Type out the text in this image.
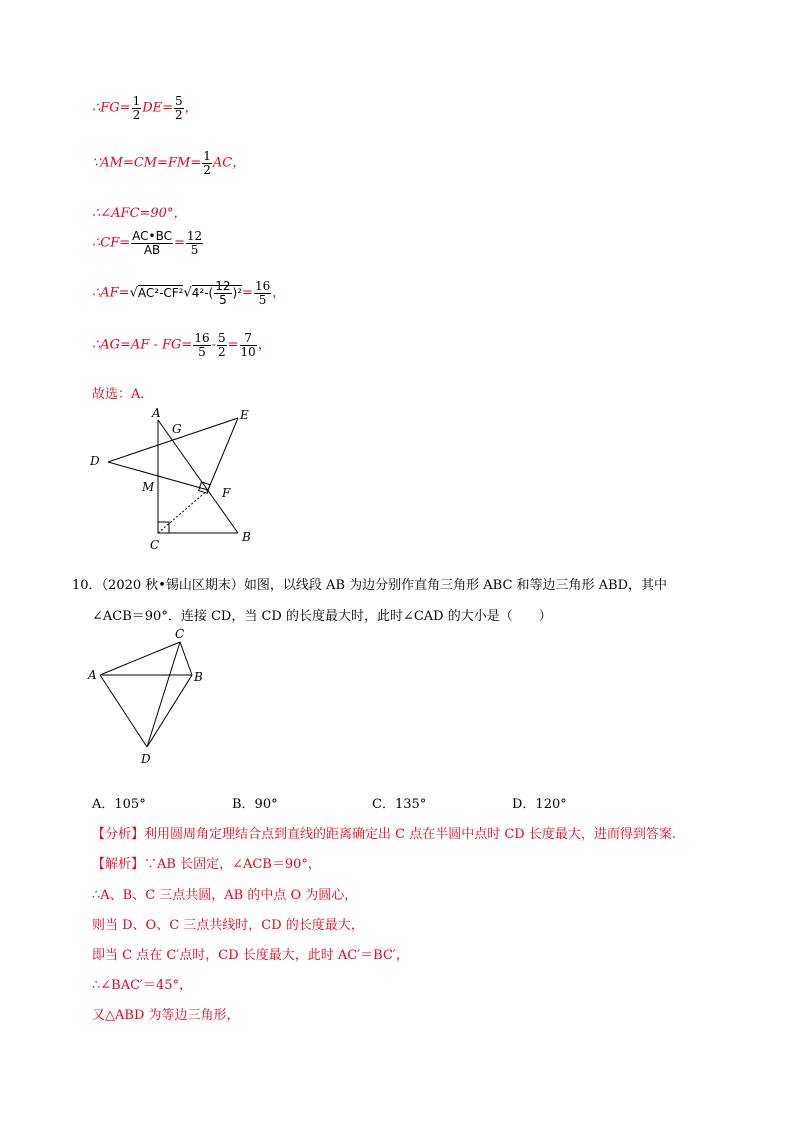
∴FG= $\frac{1}{2} DE= \frac{5}{2}$ ，
∵AM=CM=FM= $\frac{1}{2}$ AC，
∴∠AFC=90°，
∴CF= $\frac{AC•BC}{AB} = \frac{12}{5}$
∴AF=√AC²-CF²√4²-( $\frac{12}{5} )^2= \frac{16}{5}$ ，
∴AG=AF - $FG= \frac{16}{5} - \frac{5}{2} = \frac{7}{10}$ ，
故选：A．
A
G
E
D
M	F
C
B
10．（2020 秋•锡山区期末）如图，以线段 AB 为边分别作直角三角形 ABC 和等边三角形 ABD，其中
∠ACB＝90°．连接 CD，当 CD 的长度最大时，此时∠CAD 的大小是（　　）
C
A	B
D
A．105°	B．90°	C．135°	D．120°
【分析】利用圆周角定理结合点到直线的距离确定出 C 点在半圆中点时 CD 长度最大，进而得到答案.
【解析】∵AB 长固定，∠ACB＝90°，
∴A、B、C 三点共圆，AB 的中点 O 为圆心，
则当 D、O、C 三点共线时，CD 的长度最大，
即当 C 点在 C′点时，CD 长度最大，此时 AC′＝BC′，
∴∠BAC′＝45°，
又△ABD 为等边三角形，
